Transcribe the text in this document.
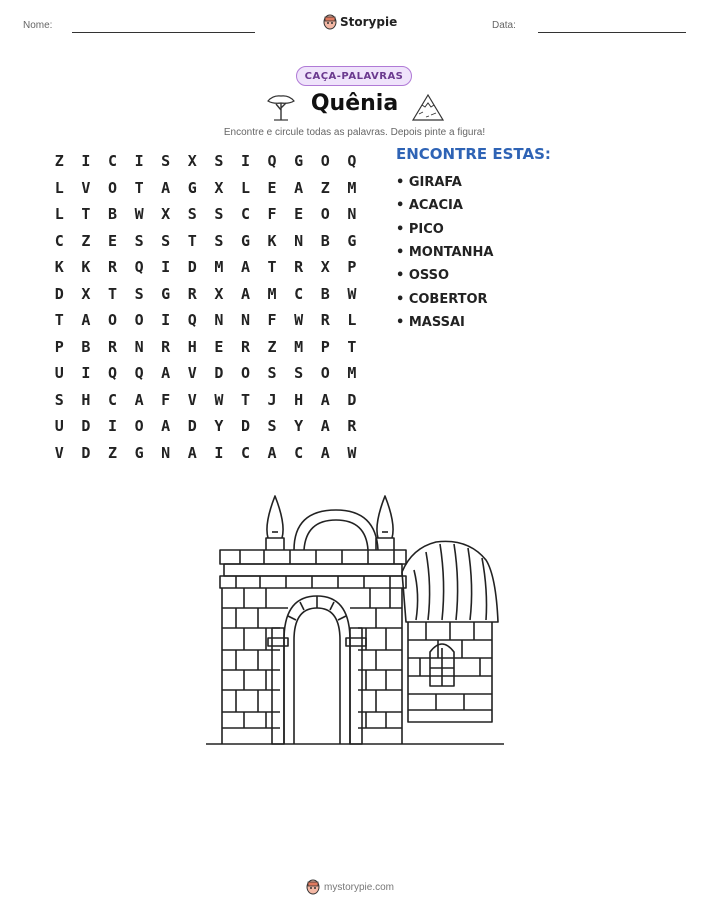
Nome:	Storypie	Data:
CAÇA-PALAVRAS
Quênia
Encontre e circule todas as palavras. Depois pinte a figura!
Z	I	C	I	S	X	S	I	Q	G	O	Q
L	V	O	T	A	G	X	L	E	A	Z	M
L	T	B	W	X	S	S	C	F	E	O	N
C	Z	E	S	S	T	S	G	K	N	B	G
K	K	R	Q	I	D	M	A	T	R	X	P
D	X	T	S	G	R	X	A	M	C	B	W
T	A	O	O	I	Q	N	N	F	W	R	L
P	B	R	N	R	H	E	R	Z	M	P	T
U	I	Q	Q	A	V	D	O	S	S	O	M
S	H	C	A	F	V	W	T	J	H	A	D
U	D	I	O	A	D	Y	D	S	Y	A	R
V	D	Z	G	N	A	I	C	A	C	A	W
ENCONTRE ESTAS:
• GIRAFA
• ACACIA
• PICO
• MONTANHA
• OSSO
• COBERTOR
• MASSAI
mystorypie.com
